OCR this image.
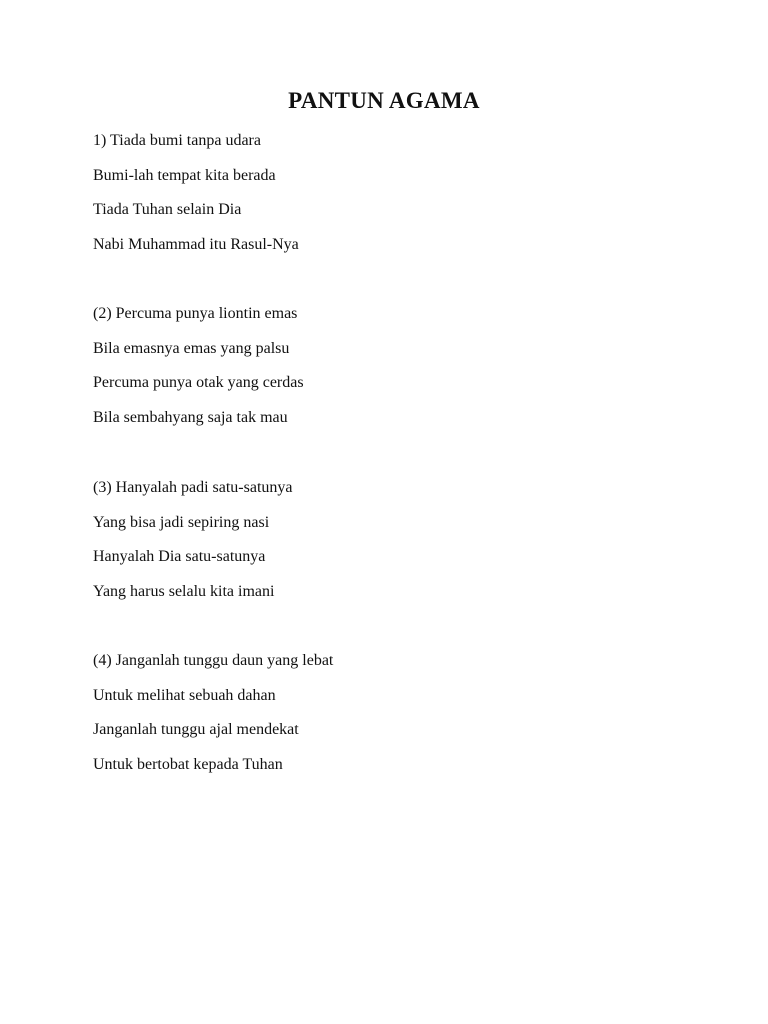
PANTUN AGAMA

1) Tiada bumi tanpa udara

Bumi-lah tempat kita berada

Tiada Tuhan selain Dia

Nabi Muhammad itu Rasul-Nya

(2) Percuma punya liontin emas

Bila emasnya emas yang palsu

Percuma punya otak yang cerdas

Bila sembahyang saja tak mau

(3) Hanyalah padi satu-satunya

Yang bisa jadi sepiring nasi

Hanyalah Dia satu-satunya

Yang harus selalu kita imani

(4) Janganlah tunggu daun yang lebat

Untuk melihat sebuah dahan

Janganlah tunggu ajal mendekat

Untuk bertobat kepada Tuhan
